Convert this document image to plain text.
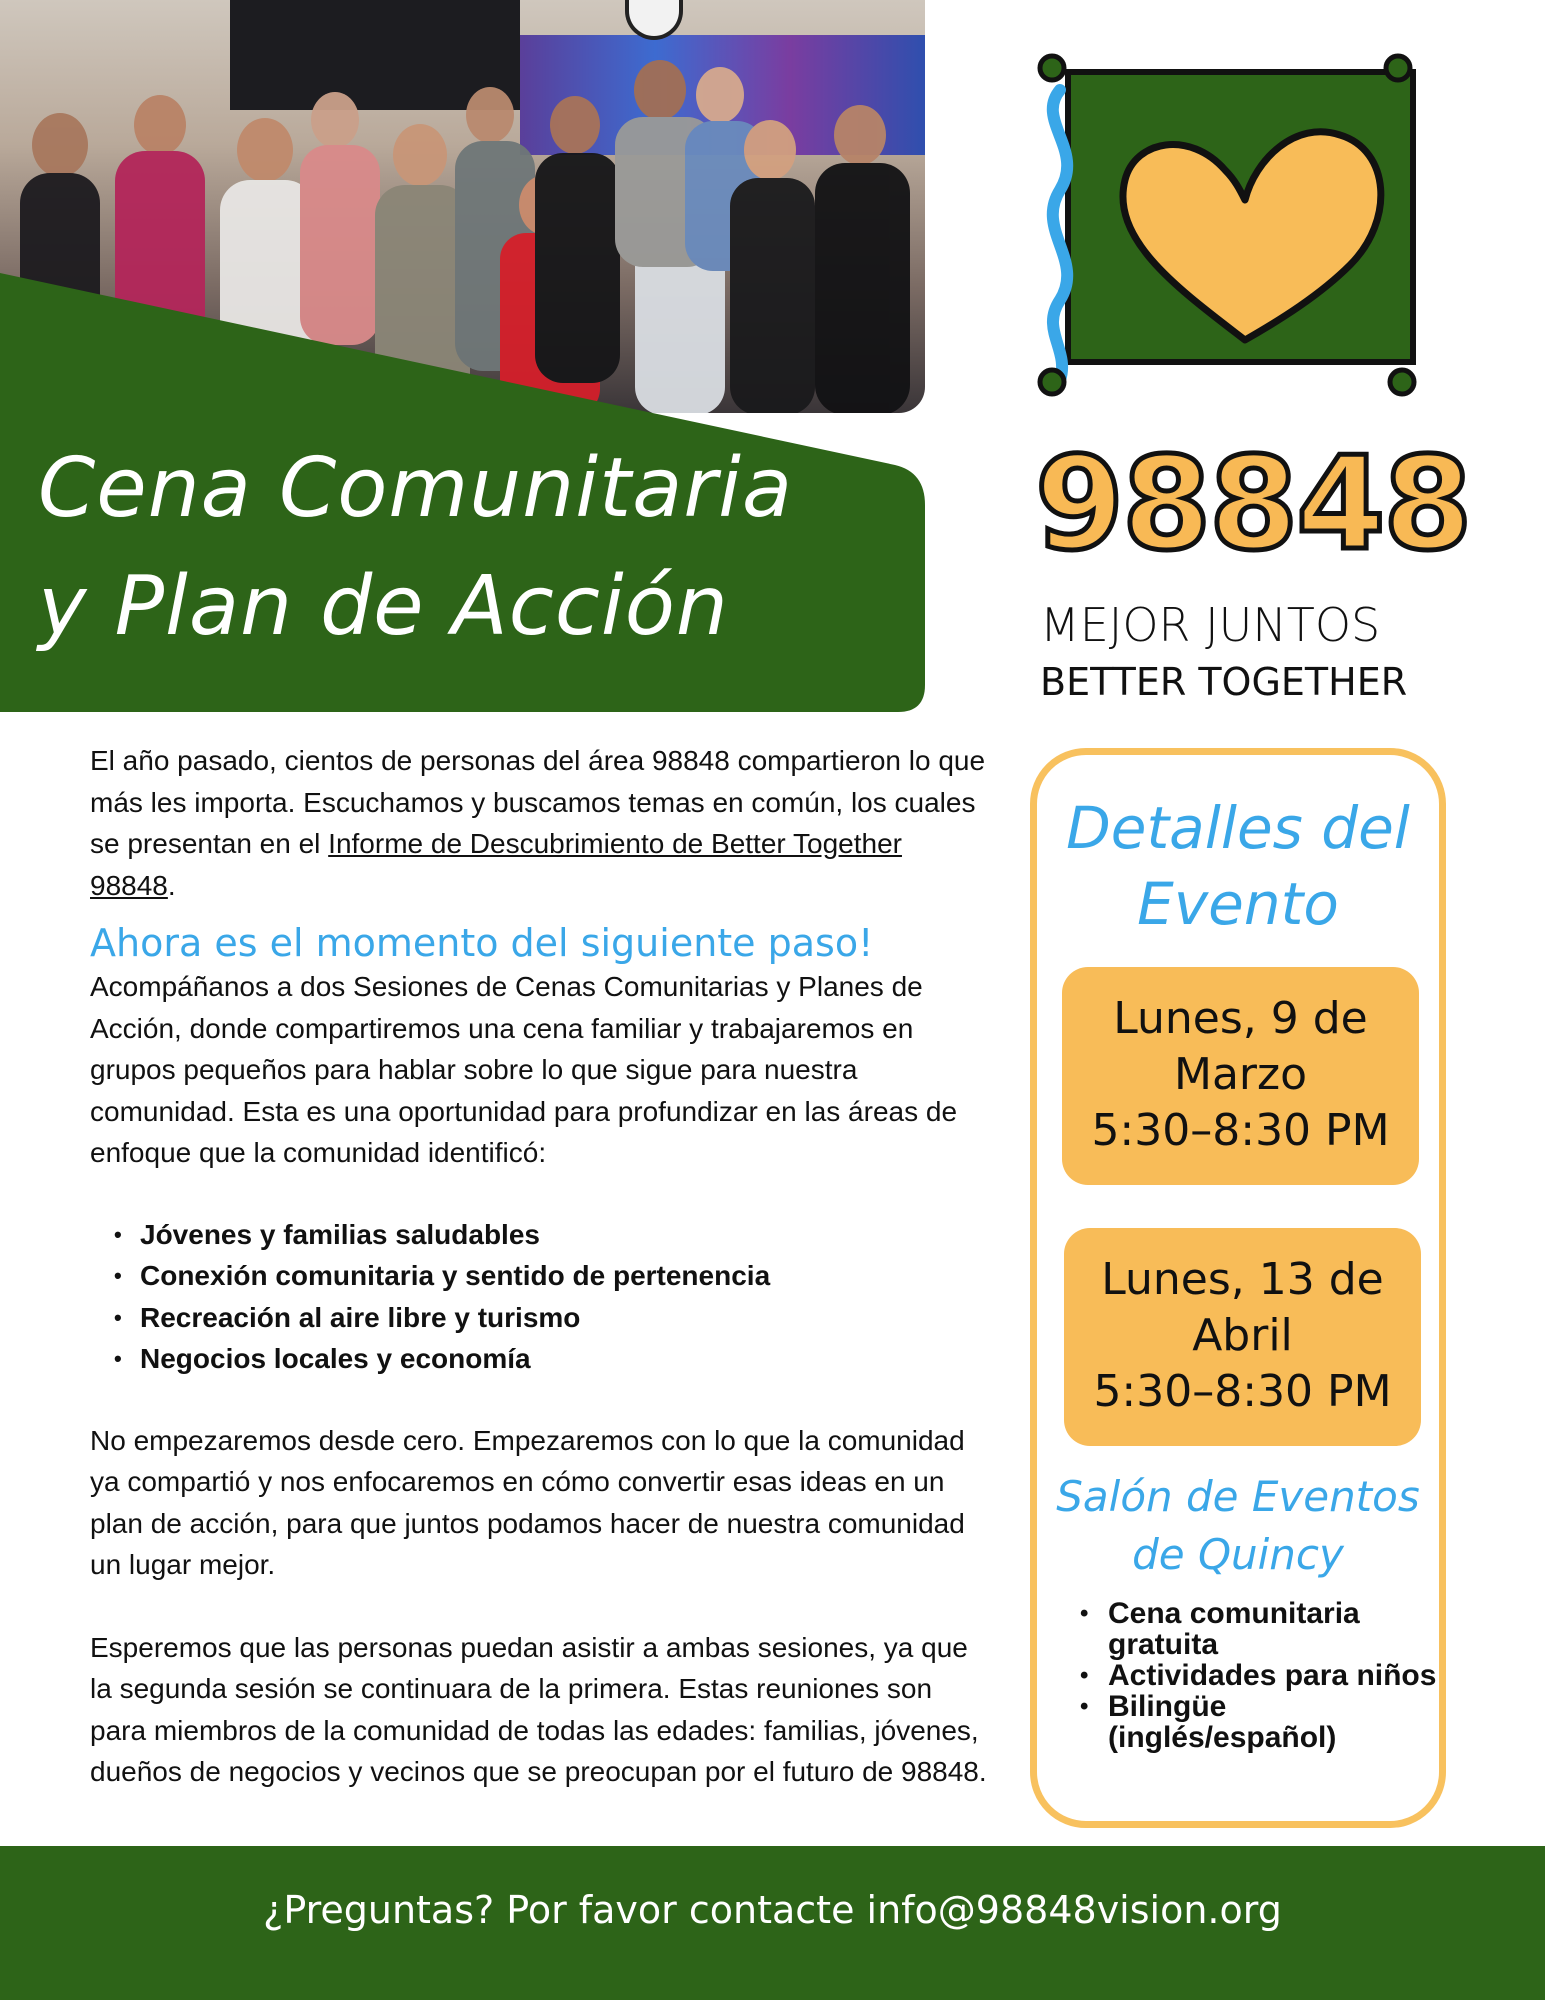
Cena Comunitaria
y Plan de Acción
98848
MEJOR JUNTOS
BETTER TOGETHER

El año pasado, cientos de personas del área 98848 compartieron lo que más les importa. Escuchamos y buscamos temas en común, los cuales se presentan en el Informe de Descubrimiento de Better Together 98848.

Ahora es el momento del siguiente paso!

Acompáñanos a dos Sesiones de Cenas Comunitarias y Planes de Acción, donde compartiremos una cena familiar y trabajaremos en grupos pequeños para hablar sobre lo que sigue para nuestra comunidad. Esta es una oportunidad para profundizar en las áreas de enfoque que la comunidad identificó:

• Jóvenes y familias saludables
• Conexión comunitaria y sentido de pertenencia
• Recreación al aire libre y turismo
• Negocios locales y economía

No empezaremos desde cero. Empezaremos con lo que la comunidad ya compartió y nos enfocaremos en cómo convertir esas ideas en un plan de acción, para que juntos podamos hacer de nuestra comunidad un lugar mejor.

Esperemos que las personas puedan asistir a ambas sesiones, ya que la segunda sesión se continuara de la primera. Estas reuniones son para miembros de la comunidad de todas las edades: familias, jóvenes, dueños de negocios y vecinos que se preocupan por el futuro de 98848.

Detalles del
Evento
Lunes, 9 de
Marzo
5:30–8:30 PM
Lunes, 13 de
Abril
5:30–8:30 PM
Salón de Eventos
de Quincy
• Cena comunitaria gratuita
• Actividades para niños
• Bilingüe (inglés/español)
¿Preguntas? Por favor contacte info@98848vision.org
